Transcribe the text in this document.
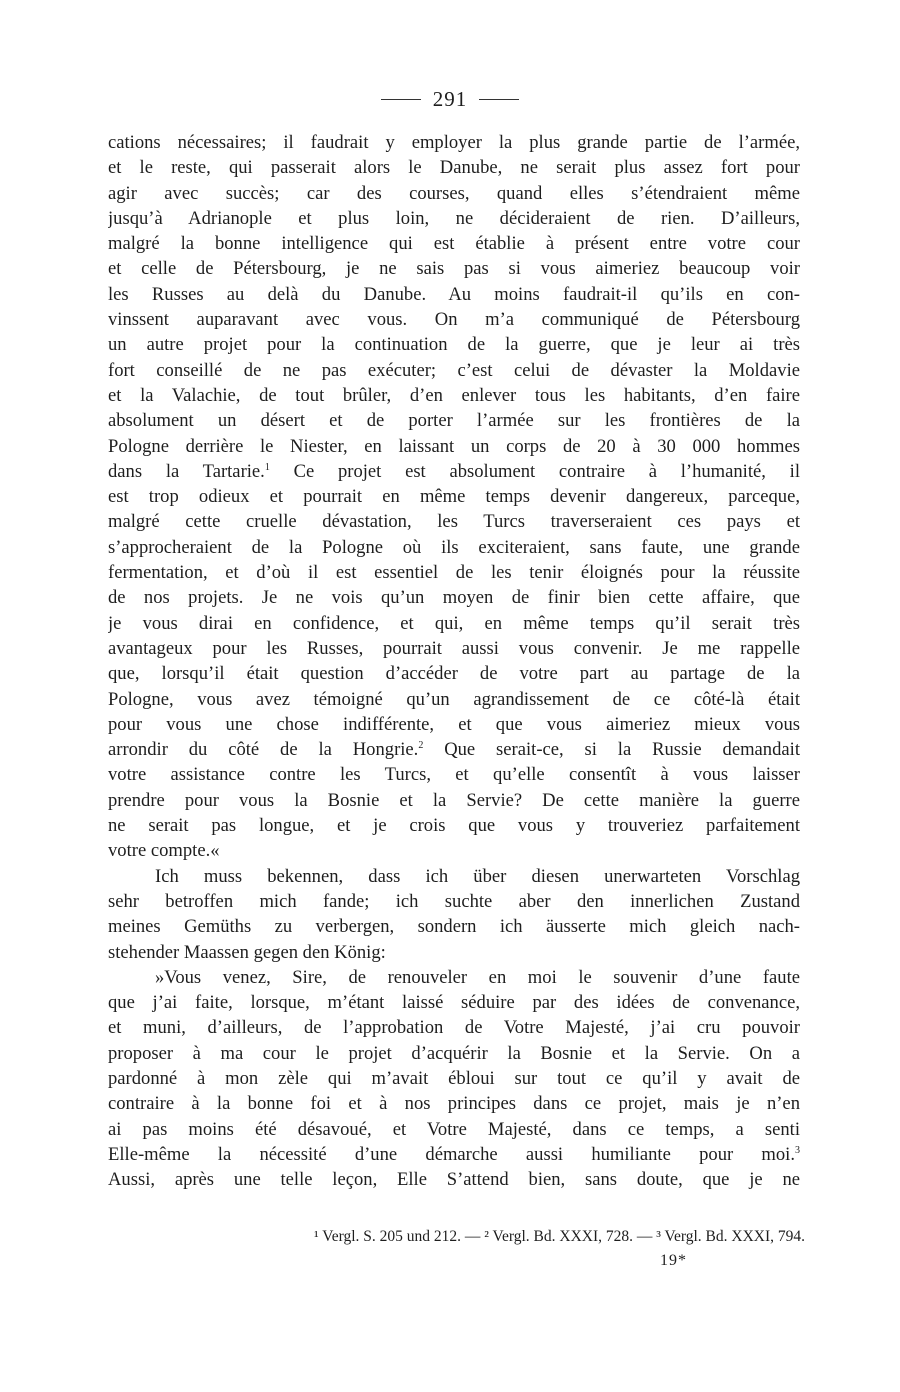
291
cations nécessaires; il faudrait y employer la plus grande partie de l’armée,
et le reste, qui passerait alors le Danube, ne serait plus assez fort pour
agir avec succès; car des courses, quand elles s’étendraient même
jusqu’à Adrianople et plus loin, ne décideraient de rien. D’ailleurs,
malgré la bonne intelligence qui est établie à présent entre votre cour
et celle de Pétersbourg, je ne sais pas si vous aimeriez beaucoup voir
les Russes au delà du Danube. Au moins faudrait-il qu’ils en con-
vinssent auparavant avec vous. On m’a communiqué de Pétersbourg
un autre projet pour la continuation de la guerre, que je leur ai très
fort conseillé de ne pas exécuter; c’est celui de dévaster la Moldavie
et la Valachie, de tout brûler, d’en enlever tous les habitants, d’en faire
absolument un désert et de porter l’armée sur les frontières de la
Pologne derrière le Niester, en laissant un corps de 20 à 30 000 hommes
dans la Tartarie.$^1$ Ce projet est absolument contraire à l’humanité, il
est trop odieux et pourrait en même temps devenir dangereux, parceque,
malgré cette cruelle dévastation, les Turcs traverseraient ces pays et
s’approcheraient de la Pologne où ils exciteraient, sans faute, une grande
fermentation, et d’où il est essentiel de les tenir éloignés pour la réussite
de nos projets. Je ne vois qu’un moyen de finir bien cette affaire, que
je vous dirai en confidence, et qui, en même temps qu’il serait très
avantageux pour les Russes, pourrait aussi vous convenir. Je me rappelle
que, lorsqu’il était question d’accéder de votre part au partage de la
Pologne, vous avez témoigné qu’un agrandissement de ce côté-là était
pour vous une chose indifférente, et que vous aimeriez mieux vous
arrondir du côté de la Hongrie.$^2$ Que serait-ce, si la Russie demandait
votre assistance contre les Turcs, et qu’elle consentît à vous laisser
prendre pour vous la Bosnie et la Servie? De cette manière la guerre
ne serait pas longue, et je crois que vous y trouveriez parfaitement
votre compte.«
Ich muss bekennen, dass ich über diesen unerwarteten Vorschlag
sehr betroffen mich fande; ich suchte aber den innerlichen Zustand
meines Gemüths zu verbergen, sondern ich äusserte mich gleich nach-
stehender Maassen gegen den König:
»Vous venez, Sire, de renouveler en moi le souvenir d’une faute
que j’ai faite, lorsque, m’étant laissé séduire par des idées de convenance,
et muni, d’ailleurs, de l’approbation de Votre Majesté, j’ai cru pouvoir
proposer à ma cour le projet d’acquérir la Bosnie et la Servie. On a
pardonné à mon zèle qui m’avait ébloui sur tout ce qu’il y avait de
contraire à la bonne foi et à nos principes dans ce projet, mais je n’en
ai pas moins été désavoué, et Votre Majesté, dans ce temps, a senti
Elle-même la nécessité d’une démarche aussi humiliante pour moi.$^3$
Aussi, après une telle leçon, Elle S’attend bien, sans doute, que je ne
¹ Vergl. S. 205 und 212. — ² Vergl. Bd. XXXI, 728. — ³ Vergl. Bd. XXXI, 794.
19*
